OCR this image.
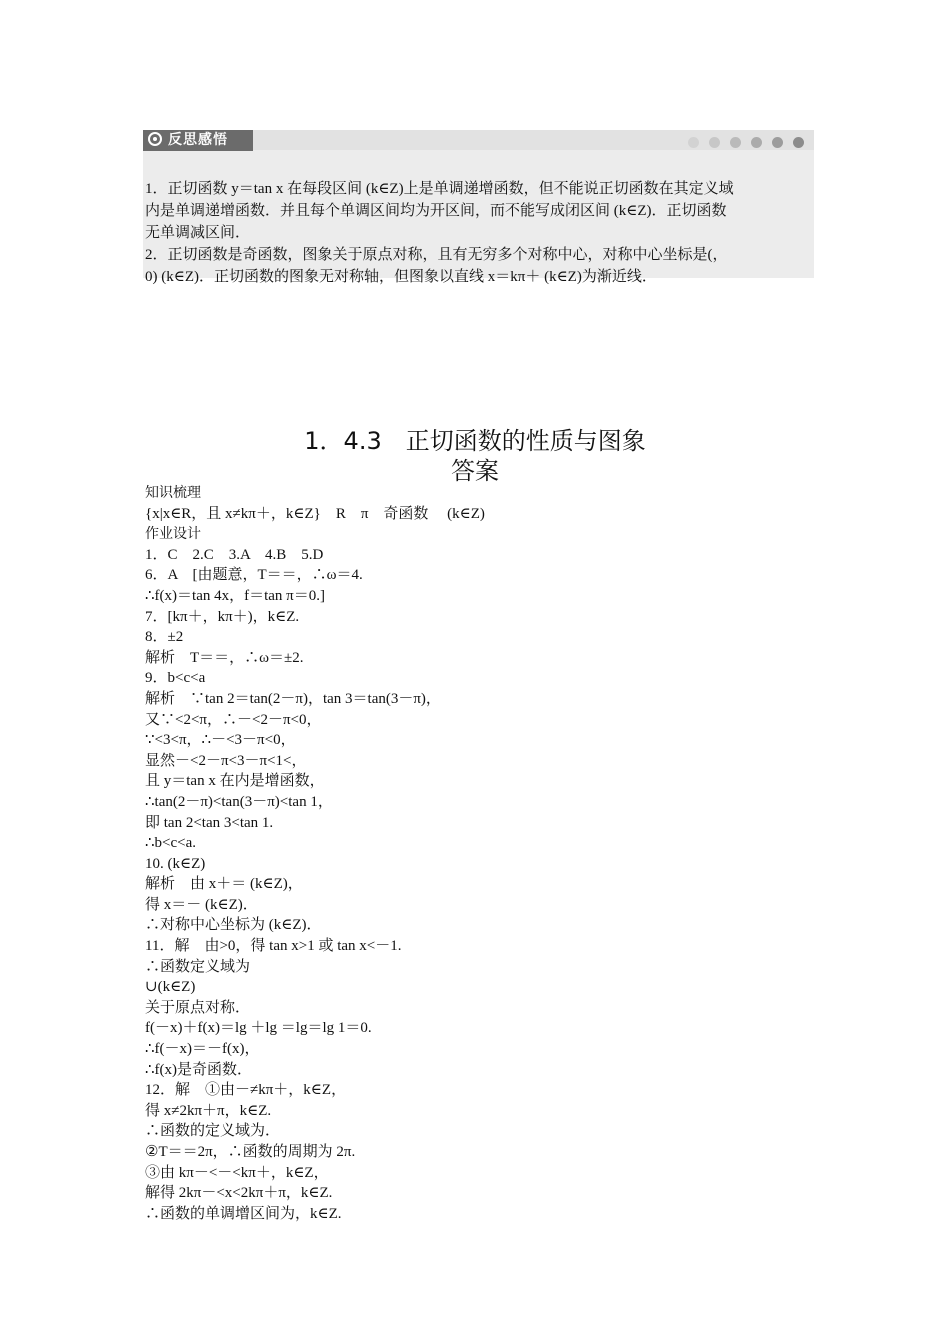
反思感悟
1．正切函数 y＝tan x 在每段区间 (k∈Z)上是单调递增函数，但不能说正切函数在其定义域
内是单调递增函数．并且每个单调区间均为开区间，而不能写成闭区间 (k∈Z)．正切函数
无单调减区间．
2．正切函数是奇函数，图象关于原点对称，且有无穷多个对称中心，对称中心坐标是(，
0) (k∈Z)．正切函数的图象无对称轴，但图象以直线 x＝kπ＋ (k∈Z)为渐近线．
1．4.3　正切函数的性质与图象
答案
知识梳理
{x|x∈R，且 x≠kπ＋，k∈Z}　R　π　奇函数　 (k∈Z)
作业设计
1．C　2.C　3.A　4.B　5.D
6．A　[由题意，T＝＝，∴ω＝4.
∴f(x)＝tan 4x，f＝tan π＝0.]
7．[kπ＋，kπ＋)，k∈Z.
8．±2
解析　T＝＝，∴ω＝±2.
9．b<c<a
解析　∵tan 2＝tan(2－π)，tan 3＝tan(3－π)，
又∵<2<π，∴－<2－π<0，
∵<3<π，∴－<3－π<0，
显然－<2－π<3－π<1<，
且 y＝tan x 在内是增函数，
∴tan(2－π)<tan(3－π)<tan 1，
即 tan 2<tan 3<tan 1.
∴b<c<a.
10. (k∈Z)
解析　由 x＋＝ (k∈Z)，
得 x＝－ (k∈Z)．
∴对称中心坐标为 (k∈Z)．
11．解　由>0，得 tan x>1 或 tan x<－1.
∴函数定义域为
∪(k∈Z)
关于原点对称．
f(－x)＋f(x)＝lg ＋lg ＝lg＝lg 1＝0.
∴f(－x)＝－f(x)，
∴f(x)是奇函数．
12．解　①由－≠kπ＋，k∈Z，
得 x≠2kπ＋π，k∈Z.
∴函数的定义域为．
②T＝＝2π，∴函数的周期为 2π.
③由 kπ－<－<kπ＋，k∈Z，
解得 2kπ－<x<2kπ＋π，k∈Z.
∴函数的单调增区间为，k∈Z.
